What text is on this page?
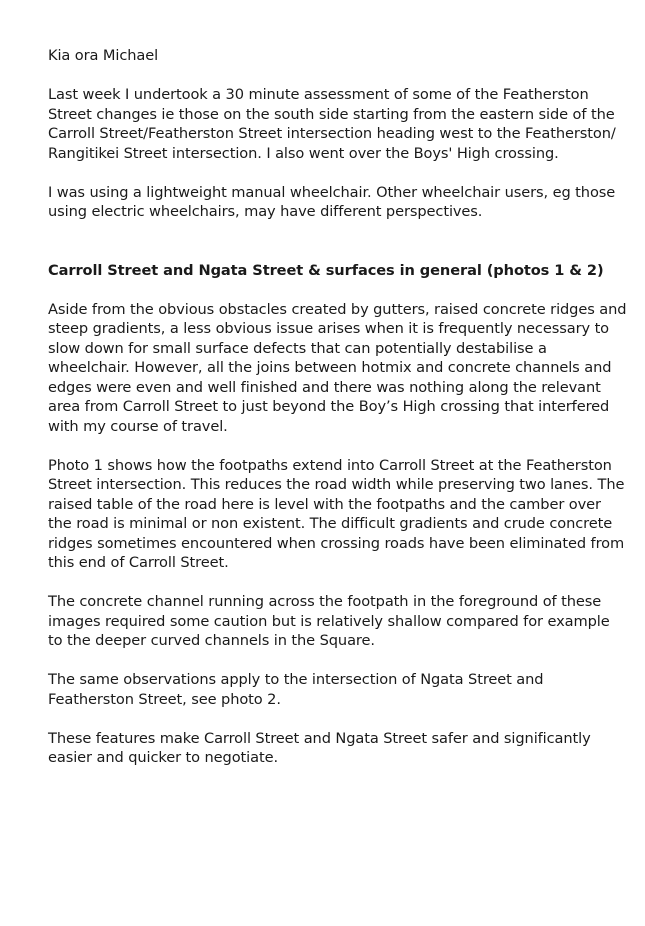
Kia ora Michael

Last week I undertook a 30 minute assessment of some of the Featherston Street changes ie those on the south side starting from the eastern side of the Carroll Street/Featherston Street intersection heading west to the Featherston/ Rangitikei Street intersection. I also went over the Boys' High crossing.

I was using a lightweight manual wheelchair. Other wheelchair users, eg those using electric wheelchairs, may have different perspectives.

Carroll Street and Ngata Street & surfaces in general (photos 1 & 2)

Aside from the obvious obstacles created by gutters, raised concrete ridges and steep gradients, a less obvious issue arises when it is frequently necessary to slow down for small surface defects that can potentially destabilise a wheelchair. However, all the joins between hotmix and concrete channels and edges were even and well finished and there was nothing along the relevant area from Carroll Street to just beyond the Boy’s High crossing that interfered with my course of travel.

Photo 1 shows how the footpaths extend into Carroll Street at the Featherston Street intersection. This reduces the road width while preserving two lanes. The raised table of the road here is level with the footpaths and the camber over the road is minimal or non existent. The difficult gradients and crude concrete ridges sometimes encountered when crossing roads have been eliminated from this end of Carroll Street.

The concrete channel running across the footpath in the foreground of these images required some caution but is relatively shallow compared for example to the deeper curved channels in the Square.

The same observations apply to the intersection of Ngata Street and Featherston Street, see photo 2.

These features make Carroll Street and Ngata Street safer and significantly easier and quicker to negotiate.
